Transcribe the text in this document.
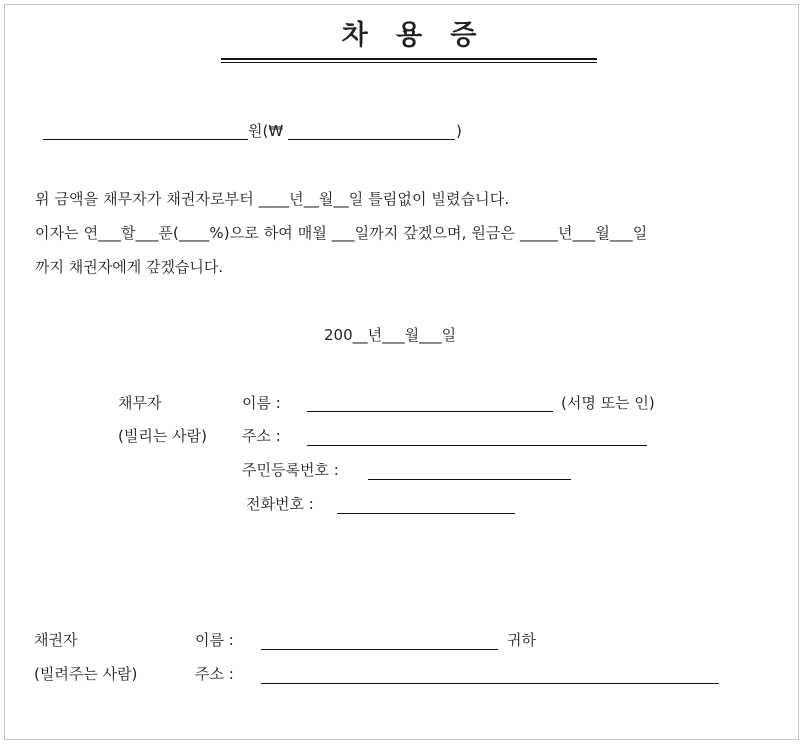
차   용   증
원(₩	)
위 금액을 채무자가 채권자로부터 ____년__월__일 틀림없이 빌렸습니다.
이자는 연___할___푼(____%)으로 하여 매월 ___일까지 갚겠으며, 원금은 _____년___월___일
까지 채권자에게 갚겠습니다.
200__년___월___일
채무자	이름 :	(서명 또는 인)
(빌리는 사람) 주소 :
주민등록번호 :
전화번호 :
채권자	이름 :	귀하
(빌려주는 사람)	주소 :
